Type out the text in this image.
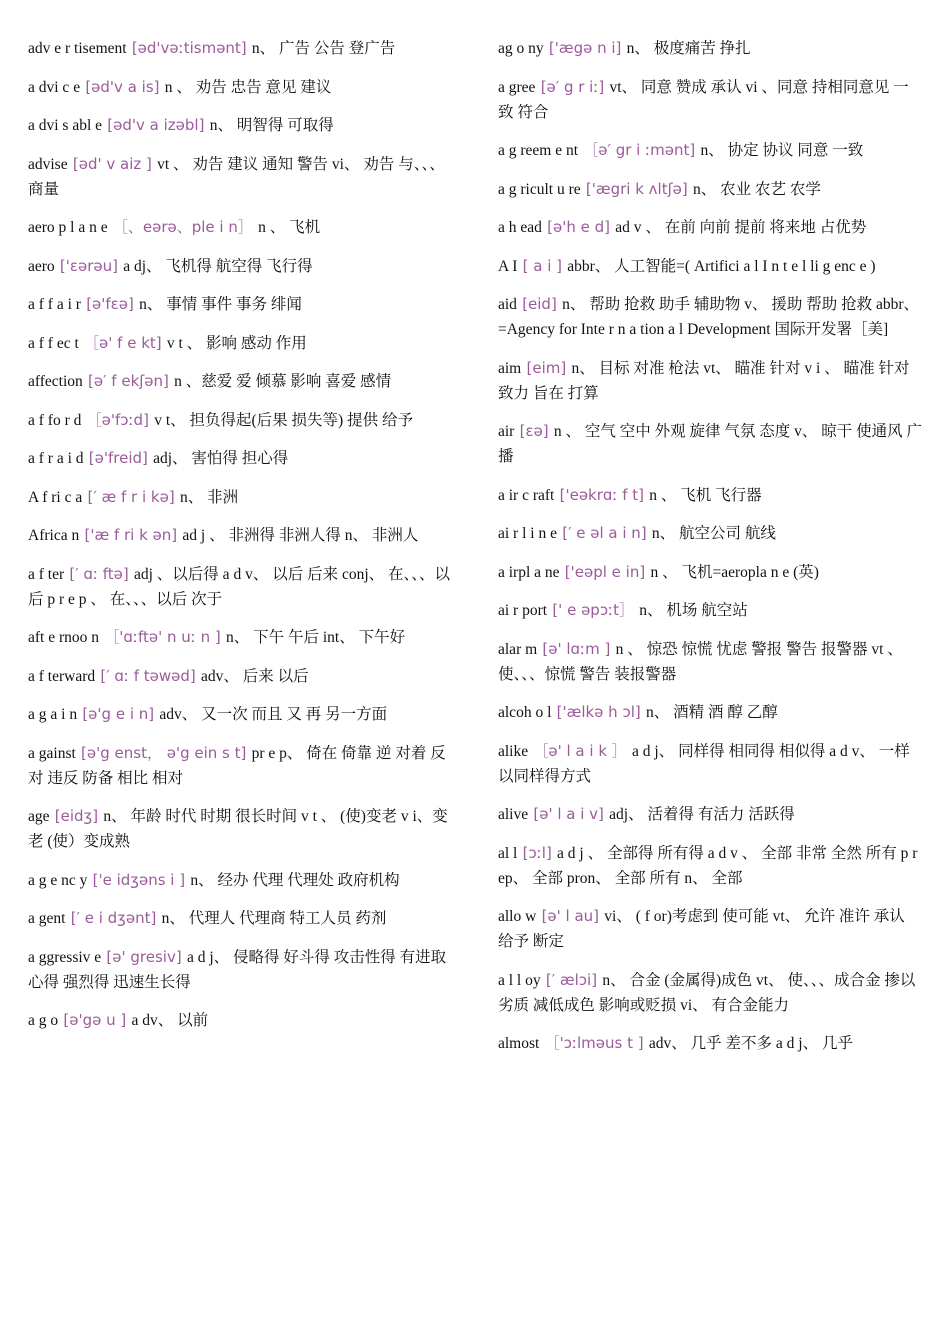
adv e r tisement [əd'vəːtismənt] n、 广告 公告 登广告

a dvi c e [əd'v a is] n 、 劝告 忠告 意见 建议

a dvi s abl e [əd'v a izəbl] n、 明智得 可取得

advise [əd' v aiz ] vt 、 劝告 建议 通知 警告 vi、 劝告 与、、、商量

aero p l a n e ［、eərə、ple i n］ n 、 飞机

aero ['εərəu] a dj、 飞机得 航空得 飞行得

a f f a i r [ə'fεə] n、 事情 事件 事务 绯闻

a f f ec t ［ə' f e kt] v t 、 影响 感动 作用

affection [ə′ f ekʃən] n 、慈爱 爱 倾慕 影响 喜爱 感情

a f fo r d ［ə'fɔːd] v t、 担负得起(后果 损失等) 提供 给予

a f r a i d [ə'freid] adj、 害怕得 担心得

A f ri c a [′ æ f r i kə] n、 非洲

Africa n ['æ f ri k ən] ad j 、 非洲得 非洲人得 n、 非洲人

a f ter [′ ɑː ftə] adj 、以后得 a d v、 以后 后来 conj、 在、、、以后 p r e p 、 在、、、以后 次于

aft e rnoo n ［'ɑːftə' n uː n ] n、 下午 午后 int、 下午好

a f terward [′ ɑː f təwəd] adv、 后来 以后

a g a i n [ə'g e i n] adv、 又一次 而且 又 再 另一方面

a gainst [ə'g enst， ə'g ein s t] pr e p、 倚在 倚靠 逆 对着 反对 违反 防备 相比 相对

age [eidʒ] n、 年龄 时代 时期 很长时间 v t 、 (使)变老 v i、变老 (使）变成熟

a g e nc y ['e idʒəns i ] n、 经办 代理 代理处 政府机构

a gent [′ e i dʒənt] n、 代理人 代理商 特工人员 药剂

a ggressiv e [ə' gresiv] a d j、 侵略得 好斗得 攻击性得 有进取心得 强烈得 迅速生长得

a g o [ə'gə u ] a dv、 以前

ag o ny ['ægə n i] n、 极度痛苦 挣扎

a gree [ə′ g r iː] vt、 同意 赞成 承认 vi 、同意 持相同意见 一致 符合

a g reem e nt ［ə′ gr i ːmənt] n、 协定 协议 同意 一致

a g ricult u re ['ægri k ʌltʃə] n、 农业 农艺 农学

a h ead [ə'h e d] ad v 、 在前 向前 提前 将来地 占优势

A I [ a i ] abbr、 人工智能=( Artifici a l I n t e l li g enc e )

aid [eid] n、 帮助 抢救 助手 辅助物 v、 援助 帮助 抢救 abbr、=Agency for Inte r n a tion a l Development 国际开发署［美]

aim [eim] n、 目标 对准 枪法 vt、 瞄准 针对 v i 、 瞄准 针对 致力 旨在 打算

air [εə] n 、 空气 空中 外观 旋律 气氛 态度 v、 晾干 使通风 广播

a ir c raft ['eəkrɑː f t] n 、 飞机 飞行器

ai r l i n e [′ e əl a i n] n、 航空公司 航线

a irpl a ne ['eəpl e in] n 、 飞机=aeropla n e (英)

ai r port [' e əpɔːt］ n、 机场 航空站

alar m [ə' lɑːm ] n 、 惊恐 惊慌 忧虑 警报 警告 报警器 vt 、使、、、惊慌 警告 装报警器

alcoh o l ['ælkə h ɔl] n、 酒精 酒 醇 乙醇

alike ［ə' l a i k ］ a d j、 同样得 相同得 相似得 a d v、 一样 以同样得方式

alive [ə' l a i v] adj、 活着得 有活力 活跃得

al l [ɔːl] a d j 、 全部得 所有得 a d v 、 全部 非常 全然 所有 p r ep、 全部 pron、 全部 所有 n、 全部

allo w [ə' l au] vi、 ( f or)考虑到 使可能 vt、 允许 准许 承认 给予 断定

a l l oy [′ ælɔi] n、 合金 (金属得)成色 vt、 使、、、成合金 掺以劣质 减低成色 影响或贬损 vi、 有合金能力

almost ［'ɔːlməus t ] adv、 几乎 差不多 a d j、 几乎
